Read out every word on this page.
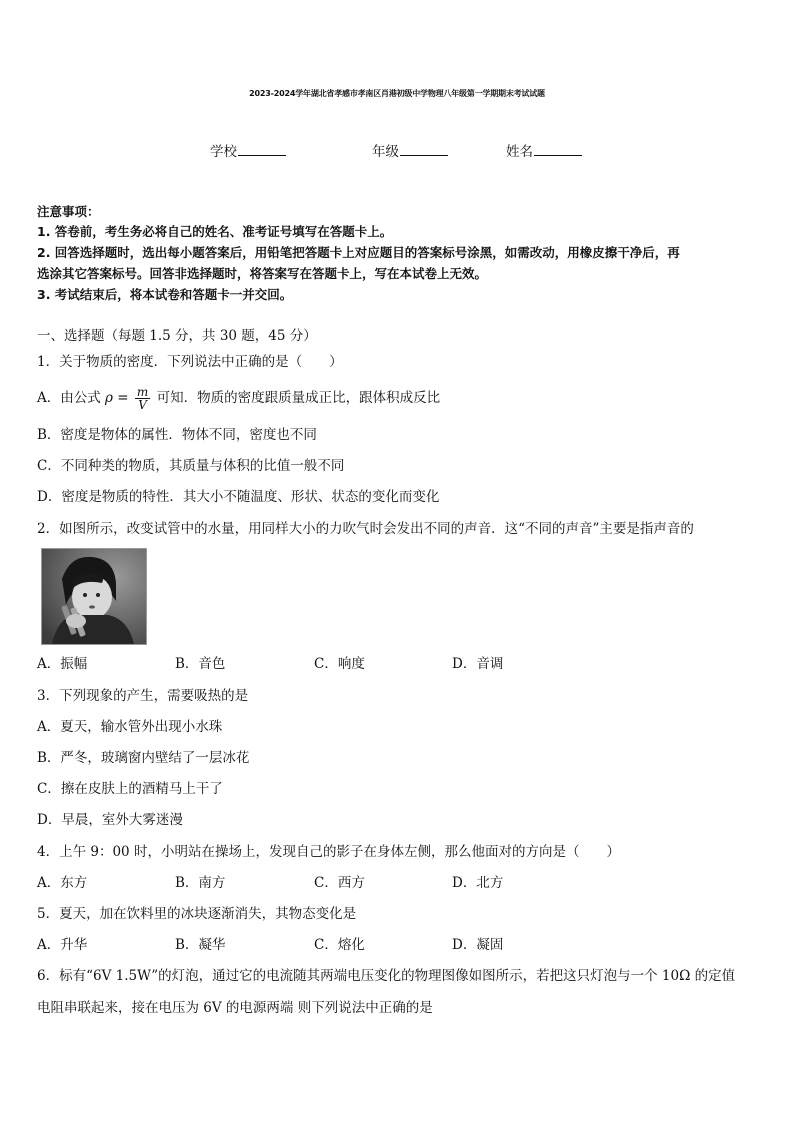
2023-2024学年湖北省孝感市孝南区肖港初级中学物理八年级第一学期期末考试试题
学校	年级	姓名
注意事项：
1. 答卷前，考生务必将自己的姓名、准考证号填写在答题卡上。
2. 回答选择题时，选出每小题答案后，用铅笔把答题卡上对应题目的答案标号涂黑，如需改动，用橡皮擦干净后，再
选涂其它答案标号。回答非选择题时，将答案写在答题卡上，写在本试卷上无效。
3. 考试结束后，将本试卷和答题卡一并交回。
一、选择题（每题 1.5 分，共 30 题，45 分）
1．关于物质的密度．下列说法中正确的是（　　）
A．由公式 $\rho = \frac{m}{V}$ 可知．物质的密度跟质量成正比，跟体积成反比
B．密度是物体的属性．物体不同，密度也不同
C．不同种类的物质，其质量与体积的比值一般不同
D．密度是物质的特性．其大小不随温度、形状、状态的变化而变化
2．如图所示，改变试管中的水量，用同样大小的力吹气时会发出不同的声音．这“不同的声音”主要是指声音的
A．振幅	B．音色	C．响度	D．音调
3．下列现象的产生，需要吸热的是
A．夏天，输水管外出现小水珠
B．严冬，玻璃窗内壁结了一层冰花
C．擦在皮肤上的酒精马上干了
D．早晨，室外大雾迷漫
4．上午 9：00 时，小明站在操场上，发现自己的影子在身体左侧，那么他面对的方向是（　　）
A．东方	B．南方	C．西方	D．北方
5．夏天，加在饮料里的冰块逐渐消失，其物态变化是
A．升华	B．凝华	C．熔化	D．凝固
6．标有“6V 1.5W”的灯泡，通过它的电流随其两端电压变化的物理图像如图所示，若把这只灯泡与一个 10Ω 的定值
电阻串联起来，接在电压为 6V 的电源两端 则下列说法中正确的是
